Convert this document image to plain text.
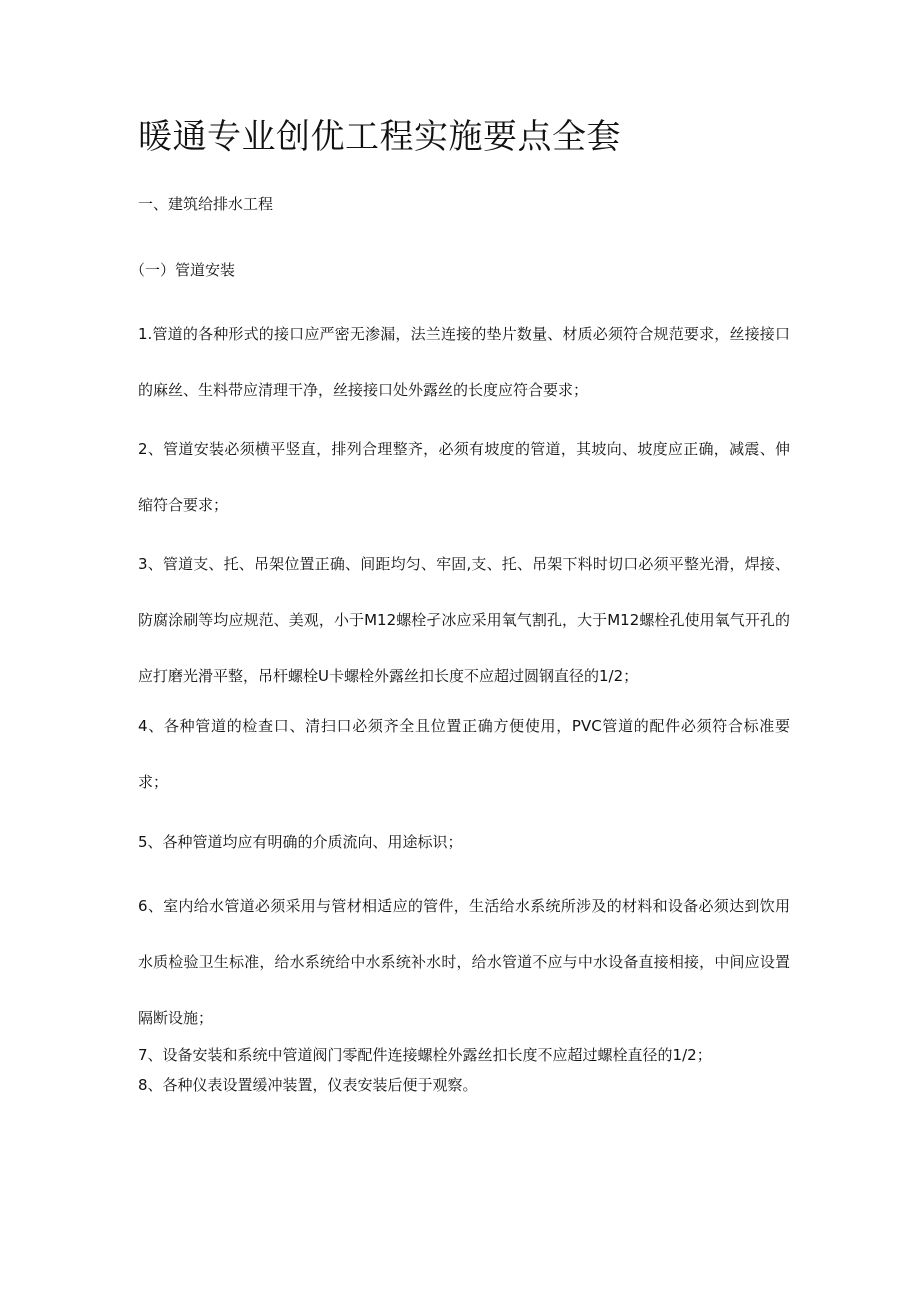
暖通专业创优工程实施要点全套
一、建筑给排水工程
（一）管道安装

1.管道的各种形式的接口应严密无渗漏，法兰连接的垫片数量、材质必须符合规范要求，丝接接口的麻丝、生料带应清理干净，丝接接口处外露丝的长度应符合要求；

2、管道安装必须横平竖直，排列合理整齐，必须有坡度的管道，其坡向、坡度应正确，减震、伸缩符合要求；

3、管道支、托、吊架位置正确、间距均匀、牢固,支、托、吊架下料时切口必须平整光滑，焊接、防腐涂刷等均应规范、美观，小于M12螺栓孑冰应采用氧气割孔，大于M12螺栓孔使用氧气开孔的应打磨光滑平整，吊杆螺栓U卡螺栓外露丝扣长度不应超过圆钢直径的1/2；

4、各种管道的检查口、清扫口必须齐全且位置正确方便使用，PVC管道的配件必须符合标准要求；

5、各种管道均应有明确的介质流向、用途标识；

6、室内给水管道必须采用与管材相适应的管件，生活给水系统所涉及的材料和设备必须达到饮用水质检验卫生标准，给水系统给中水系统补水时，给水管道不应与中水设备直接相接，中间应设置隔断设施；

7、设备安装和系统中管道阀门零配件连接螺栓外露丝扣长度不应超过螺栓直径的1/2；

8、各种仪表设置缓冲装置，仪表安装后便于观察。
